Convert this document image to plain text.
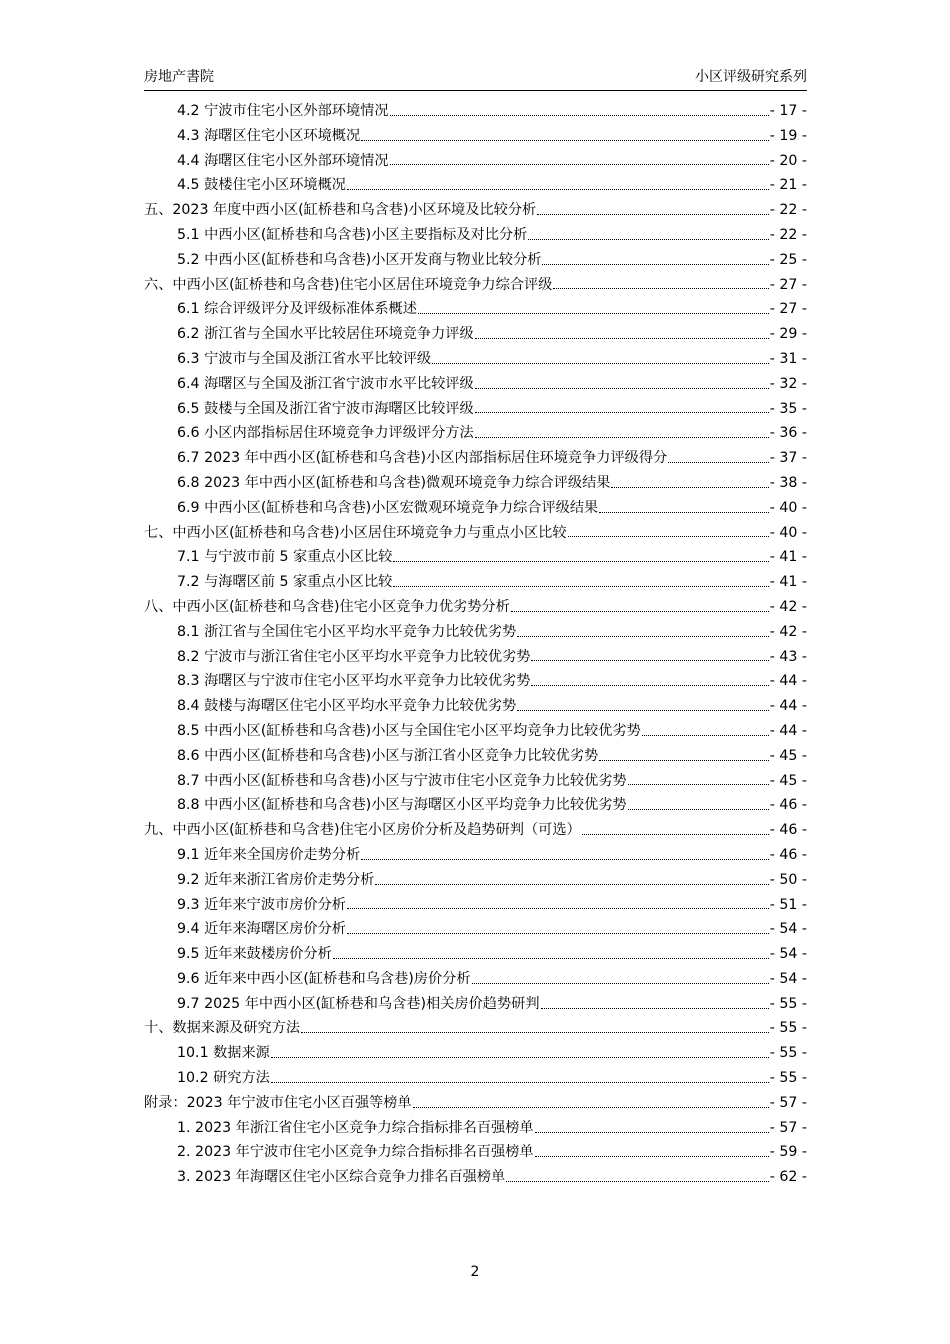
房地产書院	小区评级研究系列
4.2 宁波市住宅小区外部环境情况	- 17 -
4.3 海曙区住宅小区环境概况	- 19 -
4.4 海曙区住宅小区外部环境情况	- 20 -
4.5 鼓楼住宅小区环境概况	- 21 -
五、2023 年度中西小区(缸桥巷和乌含巷)小区环境及比较分析	- 22 -
5.1 中西小区(缸桥巷和乌含巷)小区主要指标及对比分析	- 22 -
5.2 中西小区(缸桥巷和乌含巷)小区开发商与物业比较分析	- 25 -
六、中西小区(缸桥巷和乌含巷)住宅小区居住环境竞争力综合评级	- 27 -
6.1 综合评级评分及评级标准体系概述	- 27 -
6.2 浙江省与全国水平比较居住环境竞争力评级	- 29 -
6.3 宁波市与全国及浙江省水平比较评级	- 31 -
6.4 海曙区与全国及浙江省宁波市水平比较评级	- 32 -
6.5 鼓楼与全国及浙江省宁波市海曙区比较评级	- 35 -
6.6 小区内部指标居住环境竞争力评级评分方法	- 36 -
6.7 2023 年中西小区(缸桥巷和乌含巷)小区内部指标居住环境竞争力评级得分	- 37 -
6.8 2023 年中西小区(缸桥巷和乌含巷)微观环境竞争力综合评级结果	- 38 -
6.9 中西小区(缸桥巷和乌含巷)小区宏微观环境竞争力综合评级结果	- 40 -
七、中西小区(缸桥巷和乌含巷)小区居住环境竞争力与重点小区比较	- 40 -
7.1 与宁波市前 5 家重点小区比较	- 41 -
7.2 与海曙区前 5 家重点小区比较	- 41 -
八、中西小区(缸桥巷和乌含巷)住宅小区竞争力优劣势分析	- 42 -
8.1 浙江省与全国住宅小区平均水平竞争力比较优劣势	- 42 -
8.2 宁波市与浙江省住宅小区平均水平竞争力比较优劣势	- 43 -
8.3 海曙区与宁波市住宅小区平均水平竞争力比较优劣势	- 44 -
8.4 鼓楼与海曙区住宅小区平均水平竞争力比较优劣势	- 44 -
8.5 中西小区(缸桥巷和乌含巷)小区与全国住宅小区平均竞争力比较优劣势	- 44 -
8.6 中西小区(缸桥巷和乌含巷)小区与浙江省小区竞争力比较优劣势	- 45 -
8.7 中西小区(缸桥巷和乌含巷)小区与宁波市住宅小区竞争力比较优劣势	- 45 -
8.8 中西小区(缸桥巷和乌含巷)小区与海曙区小区平均竞争力比较优劣势	- 46 -
九、中西小区(缸桥巷和乌含巷)住宅小区房价分析及趋势研判（可选）	- 46 -
9.1 近年来全国房价走势分析	- 46 -
9.2 近年来浙江省房价走势分析	- 50 -
9.3 近年来宁波市房价分析	- 51 -
9.4 近年来海曙区房价分析	- 54 -
9.5 近年来鼓楼房价分析	- 54 -
9.6 近年来中西小区(缸桥巷和乌含巷)房价分析	- 54 -
9.7 2025 年中西小区(缸桥巷和乌含巷)相关房价趋势研判	- 55 -
十、数据来源及研究方法	- 55 -
10.1 数据来源	- 55 -
10.2 研究方法	- 55 -
附录：2023 年宁波市住宅小区百强等榜单	- 57 -
1. 2023 年浙江省住宅小区竞争力综合指标排名百强榜单	- 57 -
2. 2023 年宁波市住宅小区竞争力综合指标排名百强榜单	- 59 -
3. 2023 年海曙区住宅小区综合竞争力排名百强榜单	- 62 -
2
